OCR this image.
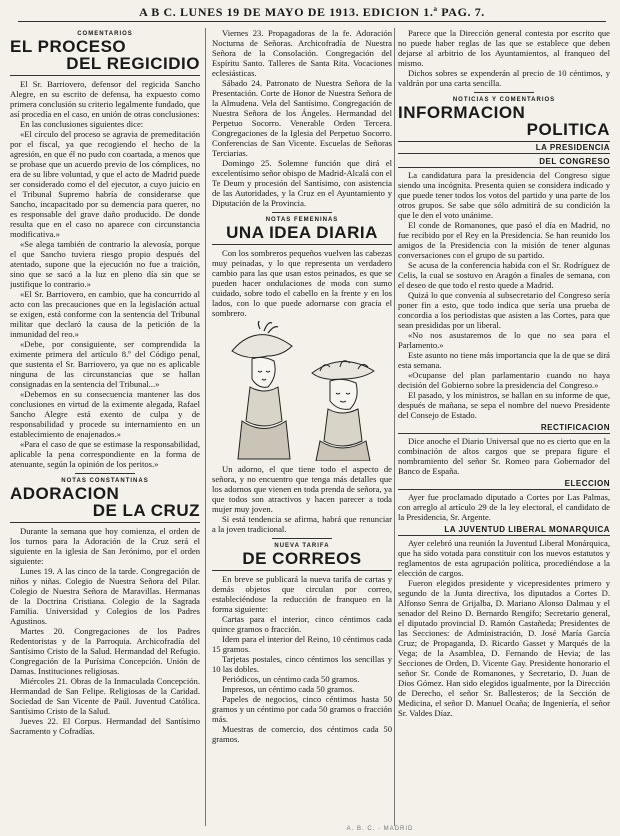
A B C. LUNES 19 DE MAYO DE 1913. EDICION 1.ª PAG. 7.
COMENTARIOS
EL PROCESO
DEL REGICIDIO

El Sr. Barriovero, defensor del regicida Sancho Alegre, en su escrito de defensa, ha expuesto como primera conclusión su criterio legalmente fundado, que así procedía en el caso, en unión de otras conclusiones:

En las conclusiones siguientes dice:

«El círculo del proceso se agravia de premeditación por el fiscal, ya que recogiendo el hecho de la agresión, en que él no pudo con coartada, a menos que se probase que un acuerdo previo de los cómplices, no era de su libre voluntad, y que el acto de Madrid puede ser considerado como el del ejecutor, a cuyo juicio en el Tribunal Supremo habría de considerarse que Sancho, incapacitado por su demencia para querer, no es responsable del grave daño producido. De donde resulta que en el caso no aparece con circunstancia modificativa.»

«Se alega también de contrario la alevosía, porque el que Sancho tuviera riesgo propio después del atentado, supone que la ejecución no fue a traición, sino que se sacó a la luz en pleno día sin que se justifique lo contrario.»

«El Sr. Barriovero, en cambio, que ha concurrido al acto con las precauciones que en la legislación actual se exigen, está conforme con la sentencia del Tribunal militar que declaró la causa de la petición de la inmunidad del reo.»

«Debe, por consiguiente, ser comprendida la eximente primera del artículo 8.º del Código penal, que sustenta el Sr. Barriovero, ya que no es aplicable ninguna de las circunstancias que se hallan consignadas en la sentencia del Tribunal...»

«Debemos en su consecuencia mantener las dos conclusiones en virtud de la eximente alegada, Rafael Sancho Alegre está exento de culpa y de responsabilidad y procede su internamiento en un establecimiento de enajenados.»

«Para el caso de que se estimase la responsabilidad, aplicable la pena correspondiente en la forma de atenuante, según la opinión de los peritos.»

NOTAS CONSTANTINAS
ADORACION
DE LA CRUZ

Durante la semana que hoy comienza, el orden de los turnos para la Adoración de la Cruz será el siguiente en la iglesia de San Jerónimo, por el orden siguiente:

Lunes 19. A las cinco de la tarde. Congregación de niños y niñas. Colegio de Nuestra Señora del Pilar. Colegio de Nuestra Señora de Maravillas. Hermanas de la Doctrina Cristiana. Colegio de la Sagrada Familia. Universidad y Colegios de los Padres Agustinos.

Martes 20. Congregaciones de los Padres Redentoristas y de la Parroquia. Archicofradía del Santísimo Cristo de la Salud. Hermandad del Refugio. Congregación de la Purísima Concepción. Unión de Damas. Instituciones religiosas.

Miércoles 21. Obras de la Inmaculada Concepción. Hermandad de San Felipe. Religiosas de la Caridad. Sociedad de San Vicente de Paúl. Juventud Católica. Santísimo Cristo de la Salud.

Jueves 22. El Corpus. Hermandad del Santísimo Sacramento y Cofradías.

Viernes 23. Propagadoras de la fe. Adoración Nocturna de Señoras. Archicofradía de Nuestra Señora de la Consolación. Congregación del Espíritu Santo. Talleres de Santa Rita. Vocaciones eclesiásticas.

Sábado 24. Patronato de Nuestra Señora de la Presentación. Corte de Honor de Nuestra Señora de la Almudena. Vela del Santísimo. Congregación de Nuestra Señora de los Ángeles. Hermandad del Perpetuo Socorro. Venerable Orden Tercera. Congregaciones de la Iglesia del Perpetuo Socorro. Conferencias de San Vicente. Escuelas de Señoras Terciarias.

Domingo 25. Solemne función que dirá el excelentísimo señor obispo de Madrid-Alcalá con el Te Deum y procesión del Santísimo, con asistencia de las Autoridades, y la Cruz en el Ayuntamiento y Diputación de la Provincia.

NOTAS FEMENINAS
UNA IDEA DIARIA

Con los sombreros pequeños vuelven las cabezas muy peinadas, y lo que representa un verdadero cambio para las que usan estos peinados, es que se pueden hacer ondulaciones de moda con sumo cuidado, sobre todo el cabello en la frente y en los lados, con lo que puede adornarse con gracia el sombrero.

Un adorno, el que tiene todo el aspecto de señora, y no encuentro que tenga más detalles que los adornos que vienen en toda prenda de señora, ya que todos son atractivos y hacen parecer a toda mujer muy joven.

Si está tendencia se afirma, habrá que renunciar a la joven tradicional.

NUEVA TARIFA
DE CORREOS

En breve se publicará la nueva tarifa de cartas y demás objetos que circulan por correo, estableciéndose la reducción de franqueo en la forma siguiente:

Cartas para el interior, cinco céntimos cada quince gramos o fracción.

Idem para el interior del Reino, 10 céntimos cada 15 gramos.

Tarjetas postales, cinco céntimos los sencillas y 10 las dobles.

Periódicos, un céntimo cada 50 gramos.

Impresos, un céntimo cada 50 gramos.

Papeles de negocios, cinco céntimos hasta 50 gramos y un céntimo por cada 50 gramos o fracción más.

Muestras de comercio, dos céntimos cada 50 gramos.

Parece que la Dirección general contesta por escrito que no puede haber reglas de las que se establece que deben dejarse al arbitrio de los Ayuntamientos, al franqueo del mismo.

Dichos sobres se expenderán al precio de 10 céntimos, y valdrán por una carta sencilla.

NOTICIAS Y COMENTARIOS
INFORMACION
POLITICA
LA PRESIDENCIA
DEL CONGRESO

La candidatura para la presidencia del Congreso sigue siendo una incógnita. Presenta quien se considera indicado y que puede tener todos los votos del partido y una parte de los otros grupos. Se sabe que sólo admitirá de su condición la que le den el voto unánime.

El conde de Romanones, que pasó el día en Madrid, no fue recibido por el Rey en la Presidencia. Se han reunido los amigos de la Presidencia con la misión de tener algunas conversaciones con el grupo de su partido.

Se acusa de la conferencia habida con el Sr. Rodríguez de Celis, la cual se sostuvo en Aragón a finales de semana, con el deseo de que todo el resto quede a Madrid.

Quizá lo que convenía al subsecretario del Congreso sería poner fin a esto, que todo indica que sería una prueba de concordia a los periodistas que asisten a las Cortes, para que sean presididas por un liberal.

«No nos asustaremos de lo que no sea para el Parlamento.»

Este asunto no tiene más importancia que la de que se dirá esta semana.

«Ocupanse del plan parlamentario cuando no haya decisión del Gobierno sobre la presidencia del Congreso.»

El pasado, y los ministros, se hallan en su informe de que, después de mañana, se sepa el nombre del nuevo Presidente del Consejo de Estado.

RECTIFICACION

Dice anoche el Diario Universal que no es cierto que en la combinación de altos cargos que se prepara figure el nombramiento del señor Sr. Romeo para Gobernador del Banco de España.

ELECCION

Ayer fue proclamado diputado a Cortes por Las Palmas, con arreglo al artículo 29 de la ley electoral, el candidato de la Presidencia, Sr. Argente.

LA JUVENTUD LIBERAL MONARQUICA

Ayer celebró una reunión la Juventud Liberal Monárquica, que ha sido votada para constituir con los nuevos estatutos y reglamentos de esta agrupación política, procediéndose a la elección de cargos.

Fueron elegidos presidente y vicepresidentes primero y segundo de la Junta directiva, los diputados a Cortes D. Alfonso Senra de Grijalba, D. Mariano Alonso Dalmau y el senador del Reino D. Bernardo Rengifo; Secretario general, el diputado provincial D. Ramón Castañeda; Presidentes de las Secciones: de Administración, D. José María García Cruz; de Propaganda, D. Ricardo Gasset y Marqués de la Vega; de la Asamblea, D. Fernando de Hevia; de las Secciones de Orden, D. Vicente Gay. Presidente honorario el señor Sr. Conde de Romanones, y Secretario, D. Juan de Dios Gómez. Han sido elegidos igualmente, por la Dirección de Derecho, el señor Sr. Ballesteros; de la Sección de Medicina, el señor D. Manuel Ocaña; de Ingeniería, el señor Sr. Valdes Díaz.

A. B. C. - MADRID
